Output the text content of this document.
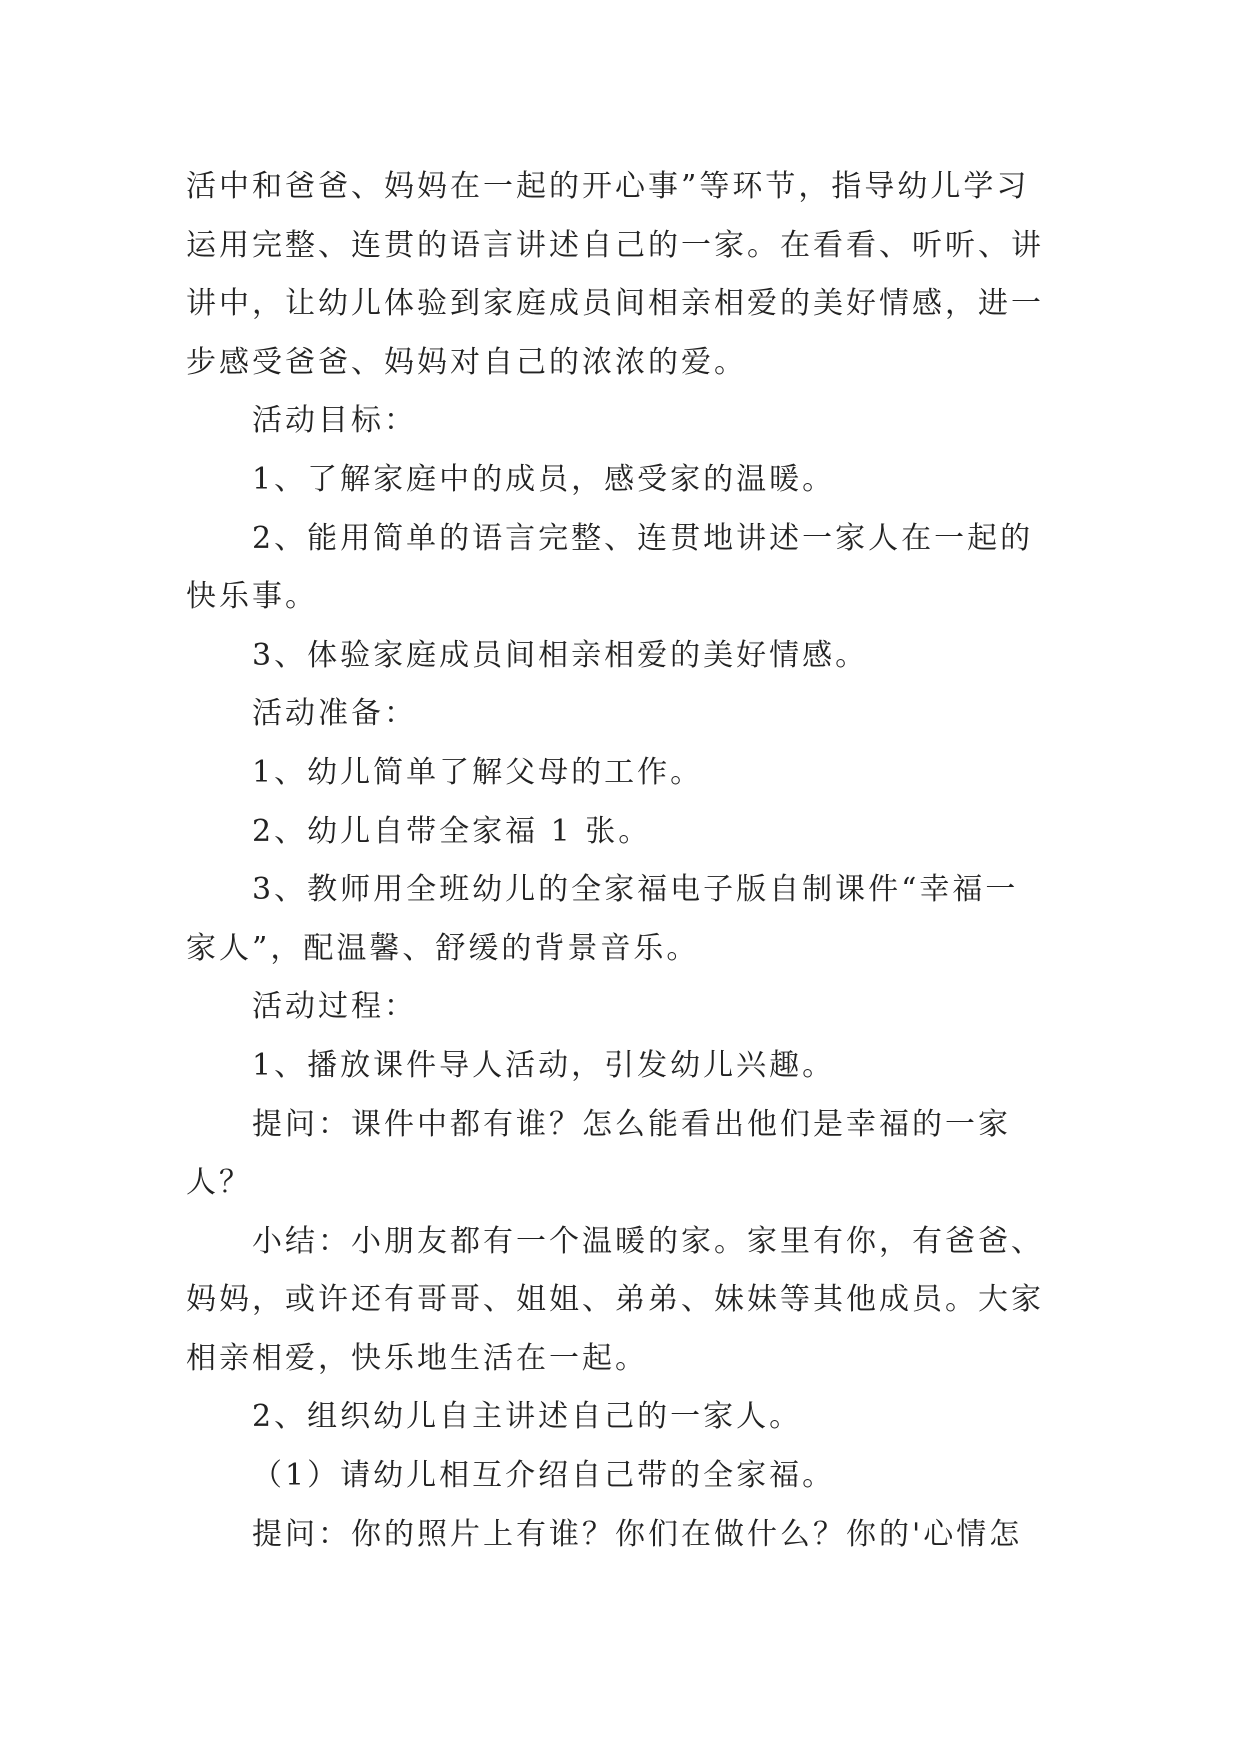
活中和爸爸、妈妈在一起的开心事”等环节，指导幼儿学习
运用完整、连贯的语言讲述自己的一家。在看看、听听、讲
讲中，让幼儿体验到家庭成员间相亲相爱的美好情感，进一
步感受爸爸、妈妈对自己的浓浓的爱。
活动目标：
1、了解家庭中的成员，感受家的温暖。
2、能用简单的语言完整、连贯地讲述一家人在一起的
快乐事。
3、体验家庭成员间相亲相爱的美好情感。
活动准备：
1、幼儿简单了解父母的工作。
2、幼儿自带全家福 1 张。
3、教师用全班幼儿的全家福电子版自制课件“幸福一
家人”，配温馨、舒缓的背景音乐。
活动过程：
1、播放课件导人活动，引发幼儿兴趣。
提问：课件中都有谁？怎么能看出他们是幸福的一家
人？
小结：小朋友都有一个温暖的家。家里有你，有爸爸、
妈妈，或许还有哥哥、姐姐、弟弟、妹妹等其他成员。大家
相亲相爱，快乐地生活在一起。
2、组织幼儿自主讲述自己的一家人。
（1）请幼儿相互介绍自己带的全家福。
提问：你的照片上有谁？你们在做什么？你的'心情怎
